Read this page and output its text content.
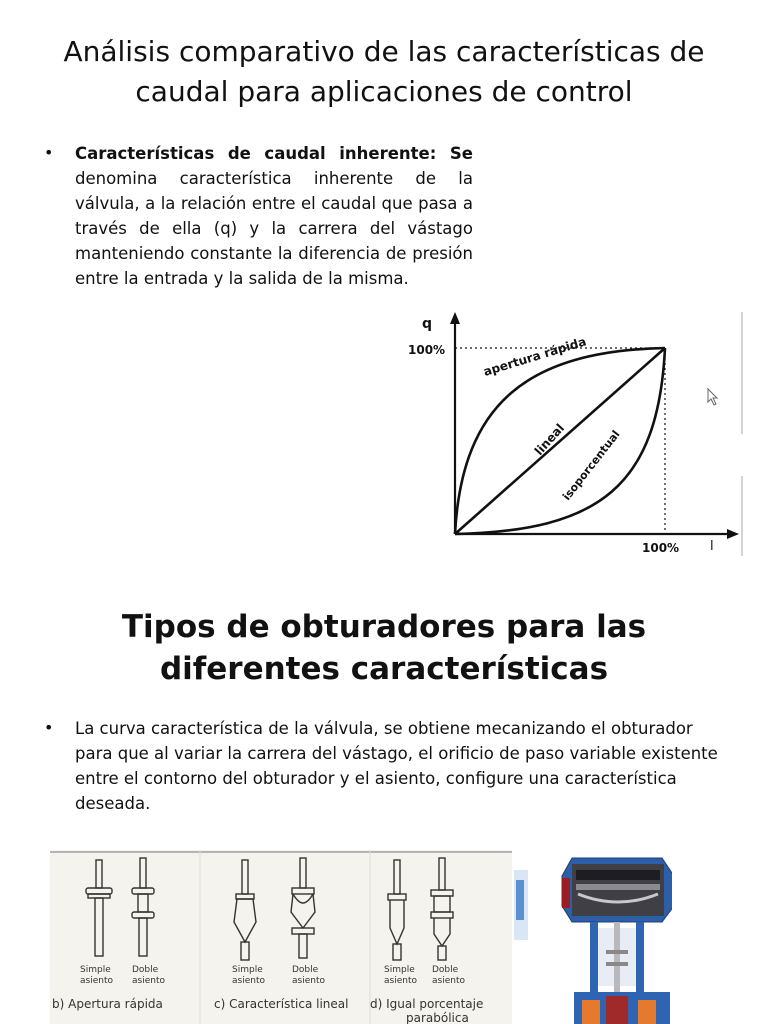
Análisis comparativo de las características de caudal para aplicaciones de control
• Características de caudal inherente: Se denomina característica inherente de la válvula, a la relación entre el caudal que pasa a través de ella (q) y la carrera del vástago manteniendo constante la diferencia de presión entre la entrada y la salida de la misma.

q
100%
100% l
apertura rápida
lineal
isoporcentual
Tipos de obturadores para las diferentes características
• La curva característica de la válvula, se obtiene mecanizando el obturador para que al variar la carrera del vástago, el orificio de paso variable existente entre el contorno del obturador y el asiento, configure una característica deseada.

Simple
asiento
Doble
asiento
Simple
asiento
Doble
asiento
Simple
asiento
Doble
asiento
b) Apertura rápida	c) Característica lineal d) Igual porcentaje
parabólica
